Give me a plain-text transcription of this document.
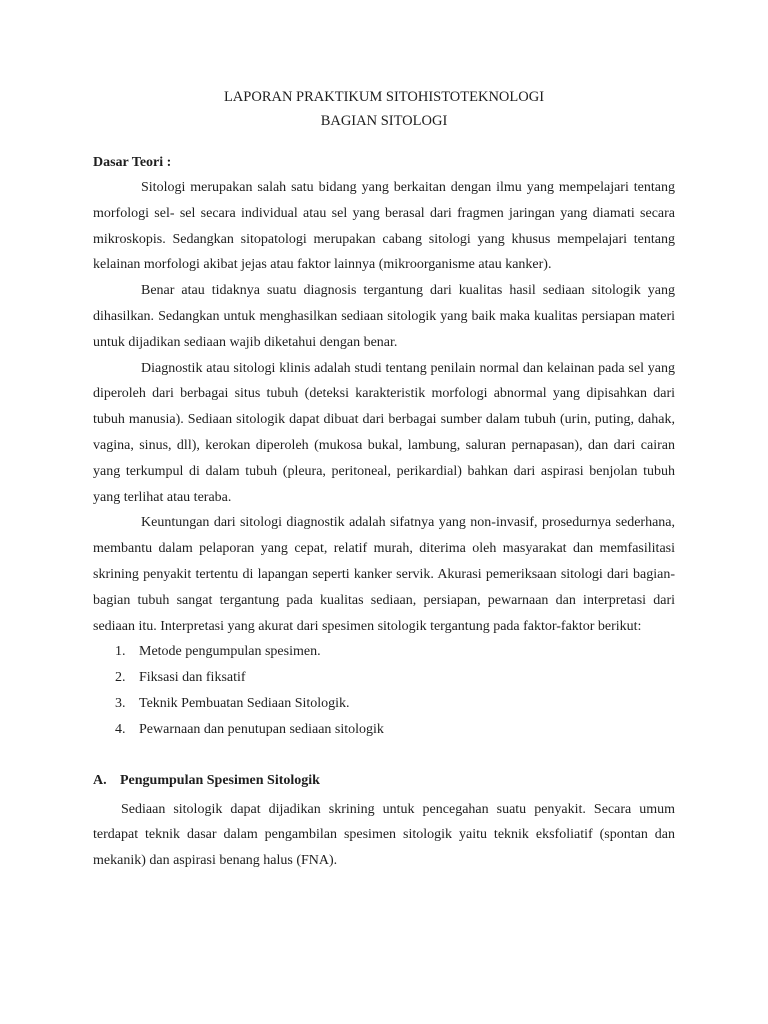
LAPORAN PRAKTIKUM SITOHISTOTEKNOLOGI
BAGIAN SITOLOGI
Dasar Teori :

Sitologi merupakan salah satu bidang yang berkaitan dengan ilmu yang mempelajari tentang morfologi sel- sel secara individual atau sel yang berasal dari fragmen jaringan yang diamati secara mikroskopis. Sedangkan sitopatologi merupakan cabang sitologi yang khusus mempelajari tentang kelainan morfologi akibat jejas atau faktor lainnya (mikroorganisme atau kanker).

Benar atau tidaknya suatu diagnosis tergantung dari kualitas hasil sediaan sitologik yang dihasilkan. Sedangkan untuk menghasilkan sediaan sitologik yang baik maka kualitas persiapan materi untuk dijadikan sediaan wajib diketahui dengan benar.

Diagnostik atau sitologi klinis adalah studi tentang penilain normal dan kelainan pada sel yang diperoleh dari berbagai situs tubuh (deteksi karakteristik morfologi abnormal yang dipisahkan dari tubuh manusia). Sediaan sitologik dapat dibuat dari berbagai sumber dalam tubuh (urin, puting, dahak, vagina, sinus, dll), kerokan diperoleh (mukosa bukal, lambung, saluran pernapasan), dan dari cairan yang terkumpul di dalam tubuh (pleura, peritoneal, perikardial) bahkan dari aspirasi benjolan tubuh yang terlihat atau teraba.

Keuntungan dari sitologi diagnostik adalah sifatnya yang non-invasif, prosedurnya sederhana, membantu dalam pelaporan yang cepat, relatif murah, diterima oleh masyarakat dan memfasilitasi skrining penyakit tertentu di lapangan seperti kanker servik. Akurasi pemeriksaan sitologi dari bagian-bagian tubuh sangat tergantung pada kualitas sediaan, persiapan, pewarnaan dan interpretasi dari sediaan itu. Interpretasi yang akurat dari spesimen sitologik tergantung pada faktor-faktor berikut:

1. Metode pengumpulan spesimen.
2. Fiksasi dan fiksatif
3. Teknik Pembuatan Sediaan Sitologik.
4. Pewarnaan dan penutupan sediaan sitologik
A. Pengumpulan Spesimen Sitologik

Sediaan sitologik dapat dijadikan skrining untuk pencegahan suatu penyakit. Secara umum terdapat teknik dasar dalam pengambilan spesimen sitologik yaitu teknik eksfoliatif (spontan dan mekanik) dan aspirasi benang halus (FNA).
